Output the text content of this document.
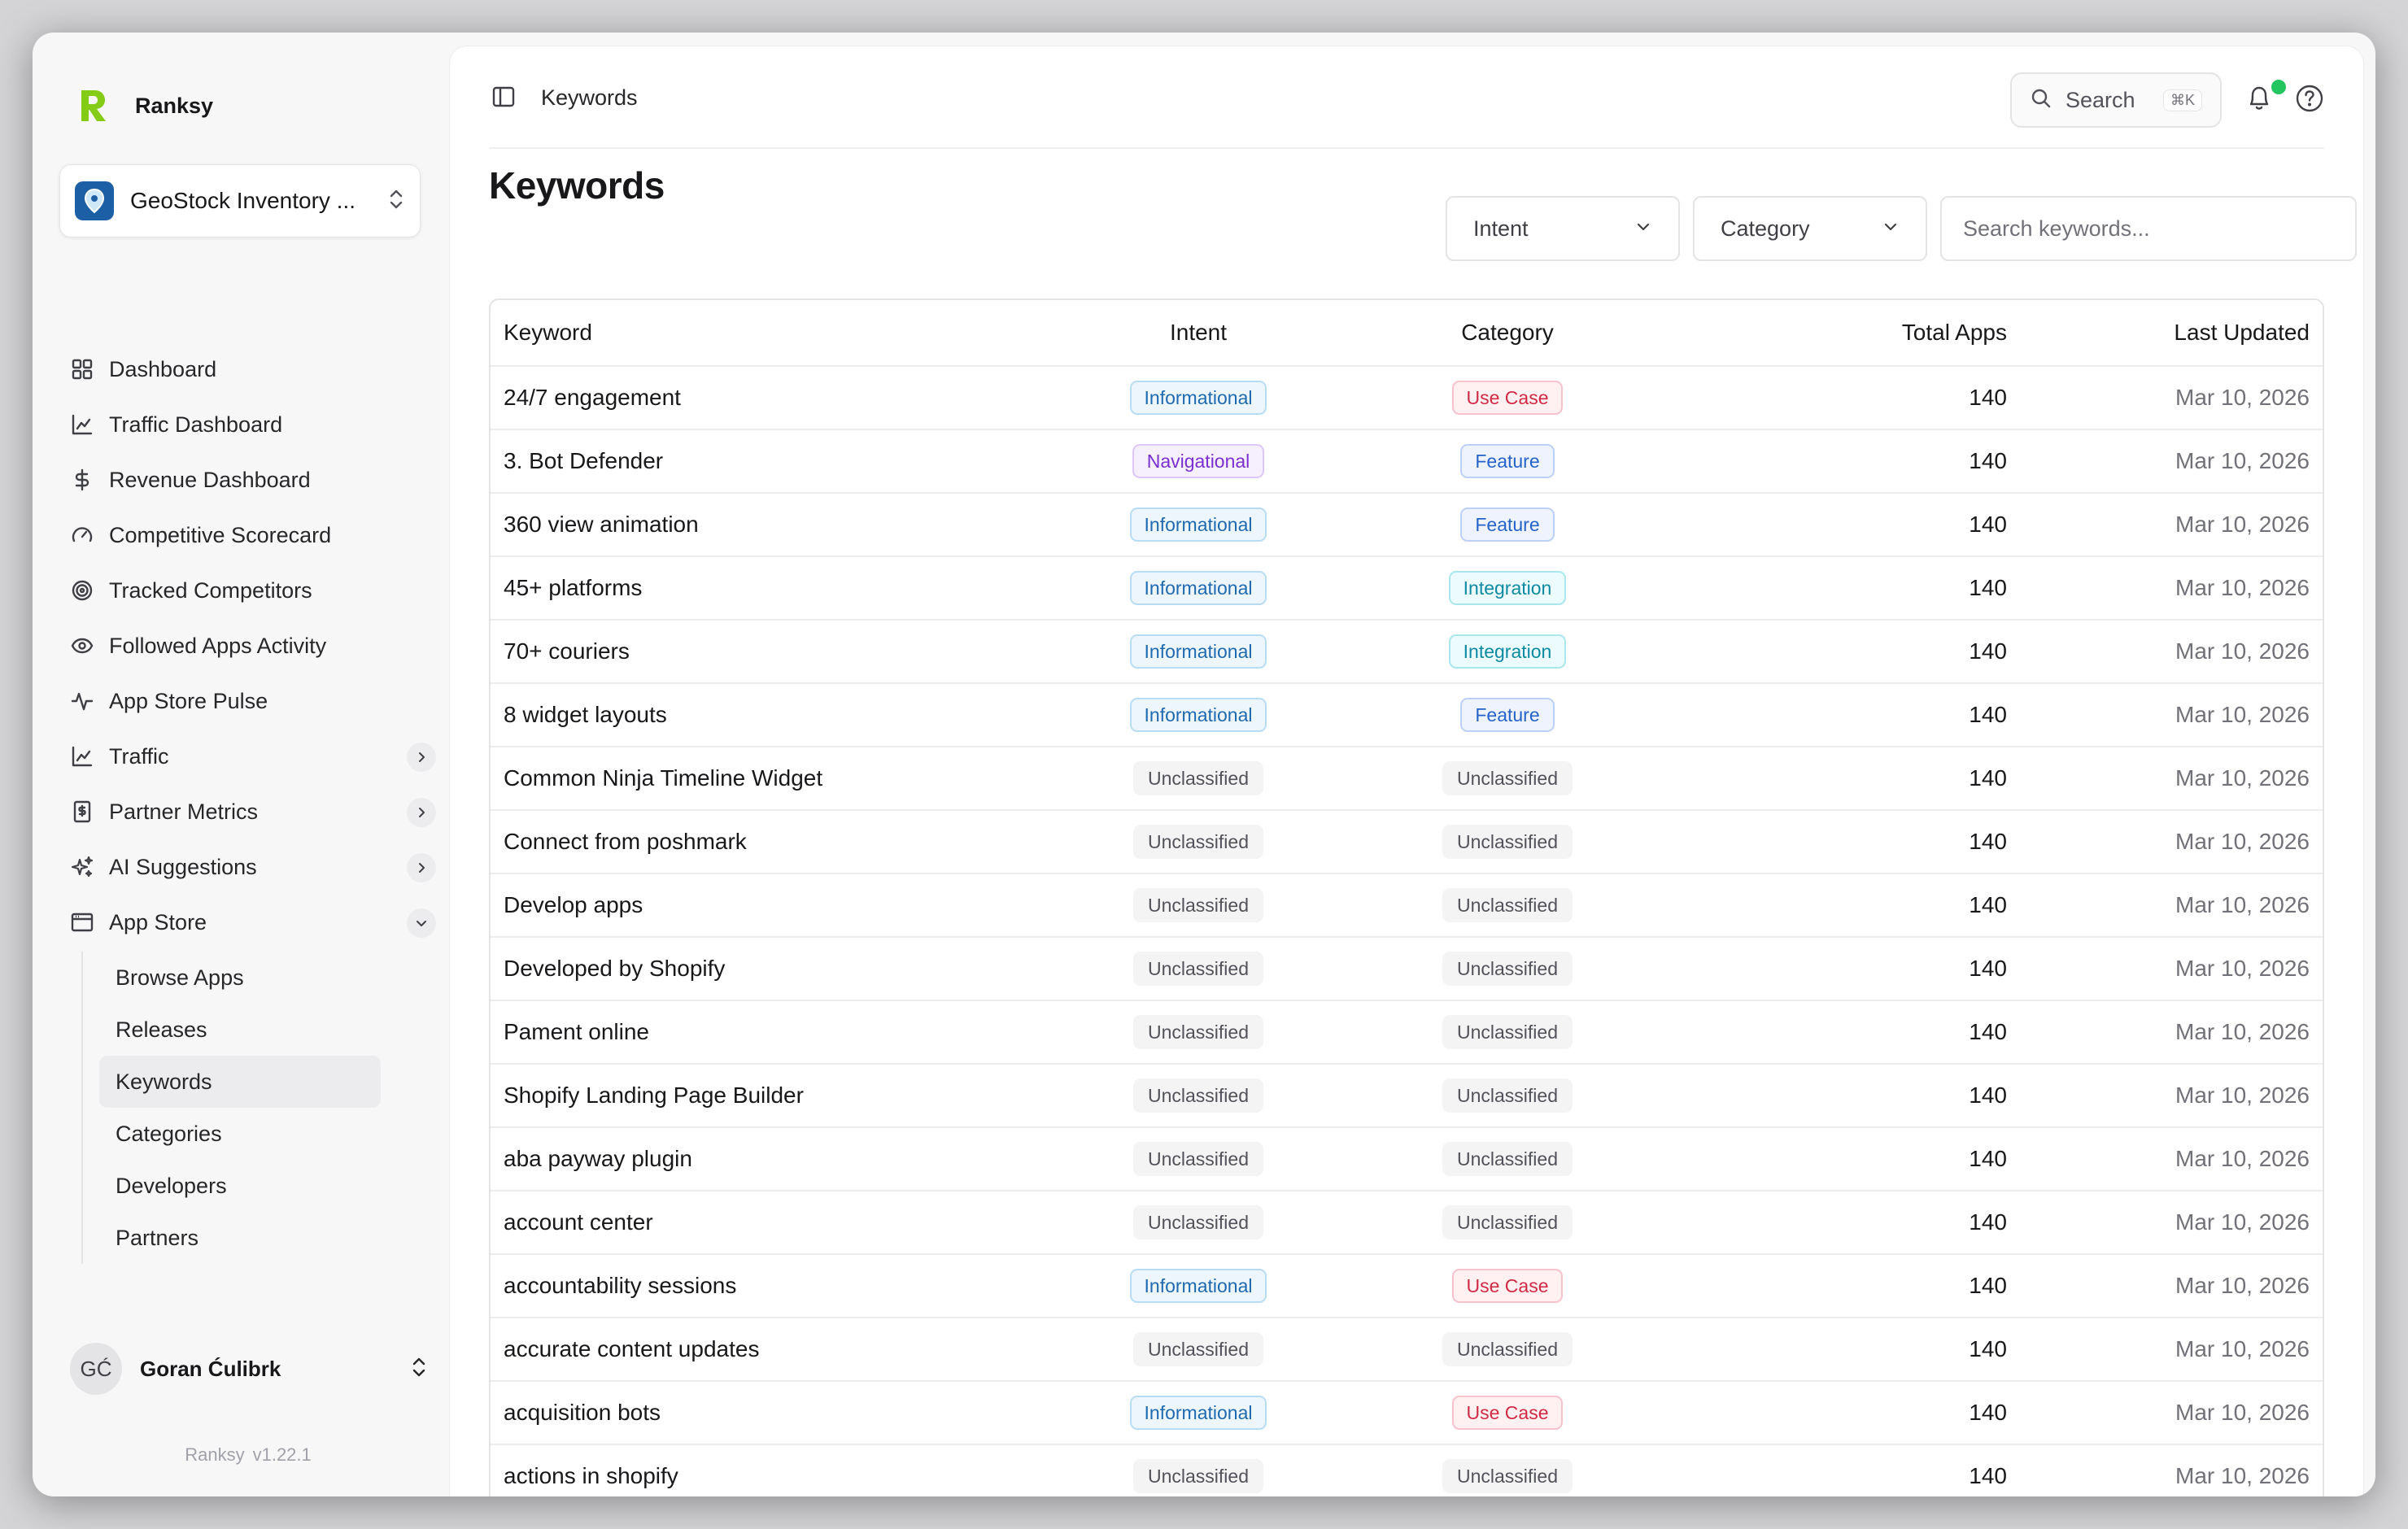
Ranksy
GeoStock Inventory ...
Dashboard
Traffic Dashboard
Revenue Dashboard
Competitive Scorecard
Tracked Competitors
Followed Apps Activity
App Store Pulse
Traffic
Partner Metrics
AI Suggestions
App Store
Browse Apps
Releases
Keywords
Categories
Developers
Partners
GĆ	Goran Ćulibrk
Ranksy v1.22.1
Keywords	Search	⌘K
Keywords
Intent	Category	Search keywords...
Keyword	Intent	Category	Total Apps	Last Updated
24/7 engagement	Informational	Use Case	140	Mar 10, 2026
3. Bot Defender	Navigational	Feature	140	Mar 10, 2026
360 view animation	Informational	Feature	140	Mar 10, 2026
45+ platforms	Informational	Integration	140	Mar 10, 2026
70+ couriers	Informational	Integration	140	Mar 10, 2026
8 widget layouts	Informational	Feature	140	Mar 10, 2026
Common Ninja Timeline Widget	Unclassified	Unclassified	140	Mar 10, 2026
Connect from poshmark	Unclassified	Unclassified	140	Mar 10, 2026
Develop apps	Unclassified	Unclassified	140	Mar 10, 2026
Developed by Shopify	Unclassified	Unclassified	140	Mar 10, 2026
Pament online	Unclassified	Unclassified	140	Mar 10, 2026
Shopify Landing Page Builder	Unclassified	Unclassified	140	Mar 10, 2026
aba payway plugin	Unclassified	Unclassified	140	Mar 10, 2026
account center	Unclassified	Unclassified	140	Mar 10, 2026
accountability sessions	Informational	Use Case	140	Mar 10, 2026
accurate content updates	Unclassified	Unclassified	140	Mar 10, 2026
acquisition bots	Informational	Use Case	140	Mar 10, 2026
actions in shopify	Unclassified	Unclassified	140	Mar 10, 2026
